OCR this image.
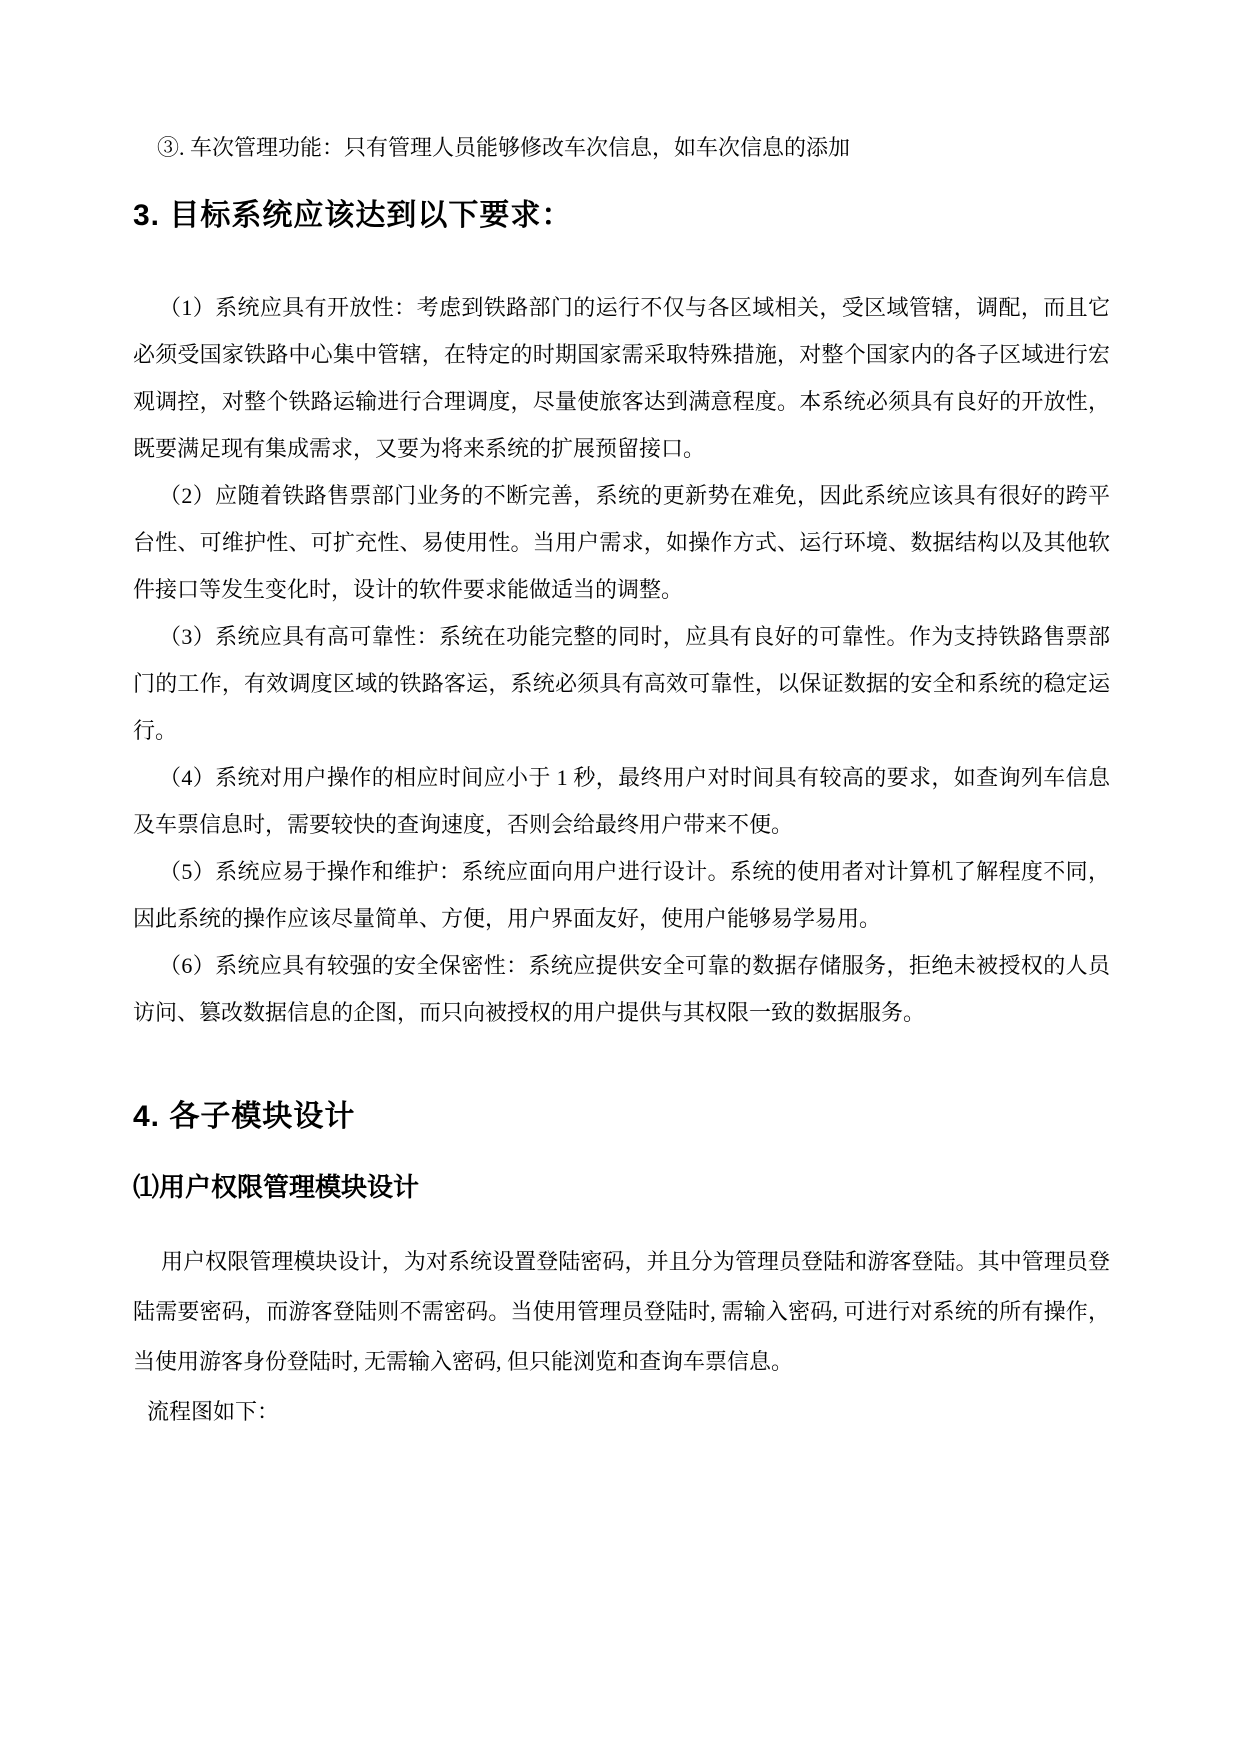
③. 车次管理功能：只有管理人员能够修改车次信息，如车次信息的添加

3. 目标系统应该达到以下要求：

（1）系统应具有开放性：考虑到铁路部门的运行不仅与各区域相关，受区域管辖，调配，而且它必须受国家铁路中心集中管辖，在特定的时期国家需采取特殊措施，对整个国家内的各子区域进行宏观调控，对整个铁路运输进行合理调度，尽量使旅客达到满意程度。本系统必须具有良好的开放性，既要满足现有集成需求，又要为将来系统的扩展预留接口。

（2）应随着铁路售票部门业务的不断完善，系统的更新势在难免，因此系统应该具有很好的跨平台性、可维护性、可扩充性、易使用性。当用户需求，如操作方式、运行环境、数据结构以及其他软件接口等发生变化时，设计的软件要求能做适当的调整。

（3）系统应具有高可靠性：系统在功能完整的同时，应具有良好的可靠性。作为支持铁路售票部门的工作，有效调度区域的铁路客运，系统必须具有高效可靠性，以保证数据的安全和系统的稳定运行。

（4）系统对用户操作的相应时间应小于 1 秒，最终用户对时间具有较高的要求，如查询列车信息及车票信息时，需要较快的查询速度，否则会给最终用户带来不便。

（5）系统应易于操作和维护：系统应面向用户进行设计。系统的使用者对计算机了解程度不同，因此系统的操作应该尽量简单、方便，用户界面友好，使用户能够易学易用。

（6）系统应具有较强的安全保密性：系统应提供安全可靠的数据存储服务，拒绝未被授权的人员访问、篡改数据信息的企图，而只向被授权的用户提供与其权限一致的数据服务。

4. 各子模块设计
⑴用户权限管理模块设计

用户权限管理模块设计，为对系统设置登陆密码，并且分为管理员登陆和游客登陆。其中管理员登陆需要密码，而游客登陆则不需密码。当使用管理员登陆时, 需输入密码, 可进行对系统的所有操作，当使用游客身份登陆时, 无需输入密码, 但只能浏览和查询车票信息。

流程图如下：
